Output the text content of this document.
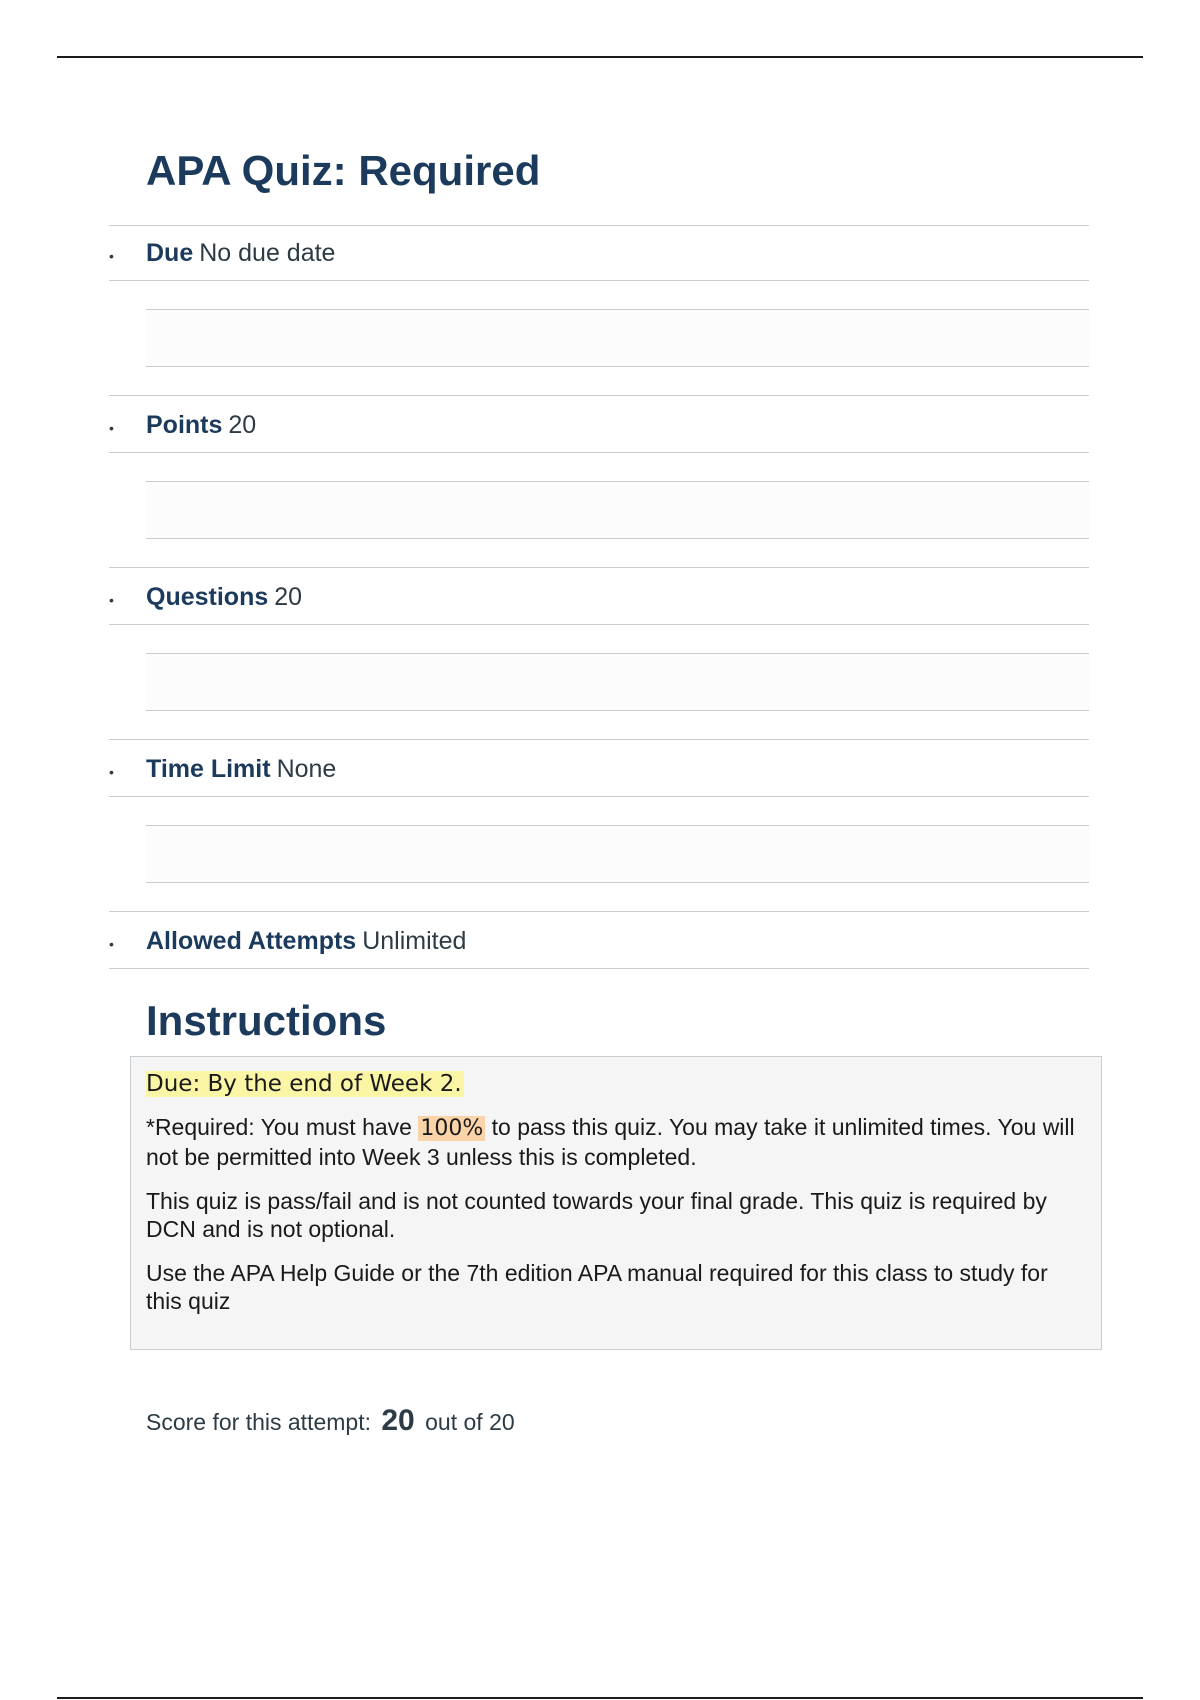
APA Quiz: Required
• Due No due date
• Points 20
• Questions 20
• Time Limit None
• Allowed Attempts Unlimited
Instructions

Due: By the end of Week 2.

*Required: You must have 100% to pass this quiz. You may take it unlimited times. You will not be permitted into Week 3 unless this is completed.

This quiz is pass/fail and is not counted towards your final grade. This quiz is required by DCN and is not optional.

Use the APA Help Guide or the 7th edition APA manual required for this class to study for this quiz

Score for this attempt: 20 out of 20
